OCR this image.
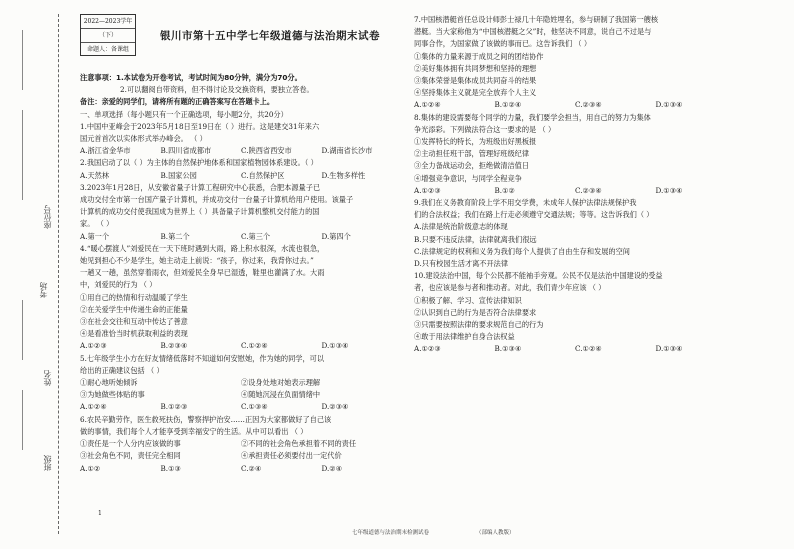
座位号
考场
姓名
班级
2022—2023学年
（下）
命题人：备课组
银川市第十五中学七年级道德与法治期末试卷
注意事项：1.本试卷为开卷考试，考试时间为80分钟，满分为70分。
2.可以翻阅自带资料，但不得讨论及交换资料，要独立答卷。
备注：亲爱的同学们，请将所有题的正确答案写在答题卡上。
一、单项选择（每小题只有一个正确选项，每小题2分，共20分）
1.中国中亚峰会于2023年5月18日至19日在（ ）进行。这是建交31年来六
国元首首次以实体形式举办峰会。 （ ）
A.浙江省金华市	B.四川省成都市	C.陕西省西安市	D.湖南省长沙市
2.我国启动了以（ ）为主体的自然保护地体系和国家植物园体系建设。（ ）
A.天然林	B.国家公园	C.自然保护区	D.生物多样性
3.2023年1月28日，从安徽省量子计算工程研究中心获悉，合肥本源量子已
成功交付全市第一台国产量子计算机，并成功交付一台量子计算机给用户使用。该量子
计算机的成功交付使我国成为世界上（ ）具备量子计算机整机交付能力的国
家。 （ ）
A.第一个	B.第二个	C.第三个	D.第四个
4.“暖心摆渡人”刘爱民在一天下班时遇到大雨，路上积水很深，水流也很急，
她见到担心不少是学生，她主动走上前说：“孩子，你过来，我背你过去。”
一趟又一趟，虽然穿着雨衣，但刘爱民全身早已湿透，鞋里也灌满了水。大雨
中，刘爱民的行为 （ ）
①用自己的热情和行动温暖了学生
②在关爱学生中传递生命的正能量
③在社会交往和互动中传达了善意
④是看准恰当时机获取利益的表现
A.①②③	B.②③④	C.①②④	D.①③④
5.七年级学生小方在好友情绪低落时不知道如何安慰她，作为她的同学，可以
给出的正确建议包括 （ ）
①耐心地听她倾诉	②设身处地对她表示理解
③为她做些体贴的事	④随她沉浸在负面情绪中
A.①②④	B.①②③	C.①③④	D.②③④
6.农民辛勤劳作，医生救死扶伤，警察捍护治安……正因为大家都做好了自己该
做的事情，我们每个人才能享受到幸福安宁的生活。从中可以看出 （ ）
①责任是一个人分内应该做的事	②不同的社会角色承担着不同的责任
③社会角色不同，责任完全相同	④承担责任必须要付出一定代价
A.①②	B.①③	C.②④	D.②④
7.中国核潜艇首任总设计师彭士禄几十年隐姓埋名，参与研制了我国第一艘核
潜艇。当大家称他为“中国核潜艇之父”时，他坚决不同意，说自己不过是与
同事合作，为国家做了该做的事而已。这告诉我们 （ ）
①集体的力量来源于成员之间的团结协作
②美好集体拥有共同梦想和坚持的理想
③集体荣誉是集体成员共同奋斗的结果
④坚持集体主义就是完全放弃个人主义
A.①②④	B.①②④	C.②③④	D.①③④
8.集体的建设需要每个同学的力量，我们要学会担当，用自己的努力为集体
争光添彩。下列做法符合这一要求的是 （ ）
①发挥特长的特长，为班级出好黑板报
②主动担任班干部，管理好班级纪律
③全力备战运动会，拒绝做清洁值日
④增强竞争意识，与同学全程竞争
A.①②③	B.①②	C.②③④	D.①③④
9.我们在义务教育阶段上学不用交学费，未成年人保护法律法规保护我
们的合法权益；我们在路上行走必须遵守交通法规；等等。这告诉我们（ ）
A.法律是统治阶级意志的体现
B.只要不违反法律，法律就离我们很远
C.法律规定的权利和义务为我们每个人提供了自由生存和发展的空间
D.只有校园生活才离不开法律
10.建设法治中国，每个公民都不能袖手旁观。公民不仅是法治中国建设的受益
者，也应该是参与者和推动者。对此，我们青少年应该 （ ）
①积极了解、学习、宣传法律知识
②认识到自己的行为是否符合法律要求
③只需要按照法律的要求规范自己的行为
④敢于用法律维护自身合法权益
A.①②③	B.①③④	C.①②④	D.①③④
1
七年级道德与法治期末检测试卷	（部编人教版）
